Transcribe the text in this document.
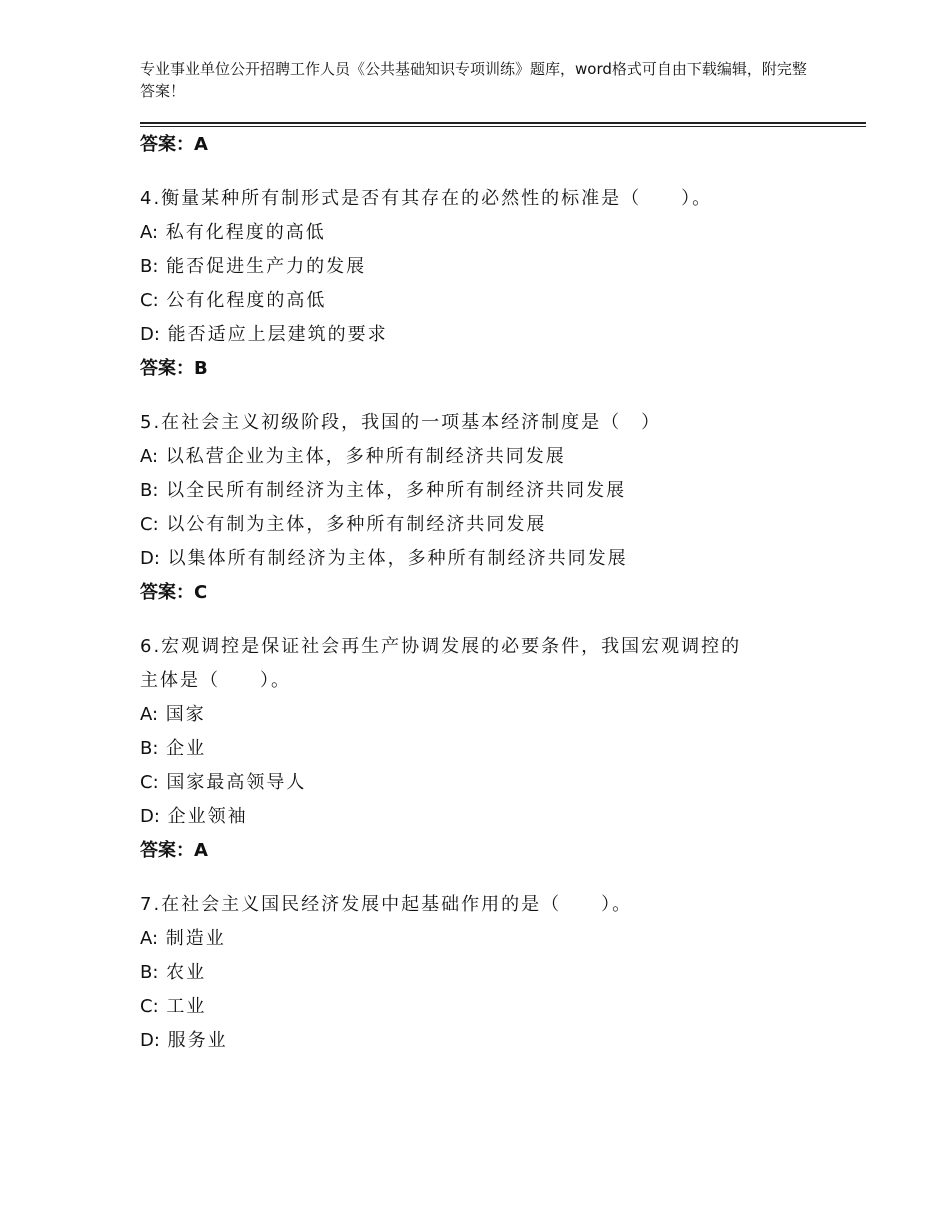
专业事业单位公开招聘工作人员《公共基础知识专项训练》题库，word格式可自由下载编辑，附完整答案！

答案：A

4.衡量某种所有制形式是否有其存在的必然性的标准是（　　）。

A: 私有化程度的高低

B: 能否促进生产力的发展

C: 公有化程度的高低

D: 能否适应上层建筑的要求

答案：B

5.在社会主义初级阶段，我国的一项基本经济制度是（　）

A: 以私营企业为主体，多种所有制经济共同发展

B: 以全民所有制经济为主体，多种所有制经济共同发展

C: 以公有制为主体，多种所有制经济共同发展

D: 以集体所有制经济为主体，多种所有制经济共同发展

答案：C

6.宏观调控是保证社会再生产协调发展的必要条件，我国宏观调控的

主体是（　　）。

A: 国家

B: 企业

C: 国家最高领导人

D: 企业领袖

答案：A

7.在社会主义国民经济发展中起基础作用的是（　　）。

A: 制造业

B: 农业

C: 工业

D: 服务业
